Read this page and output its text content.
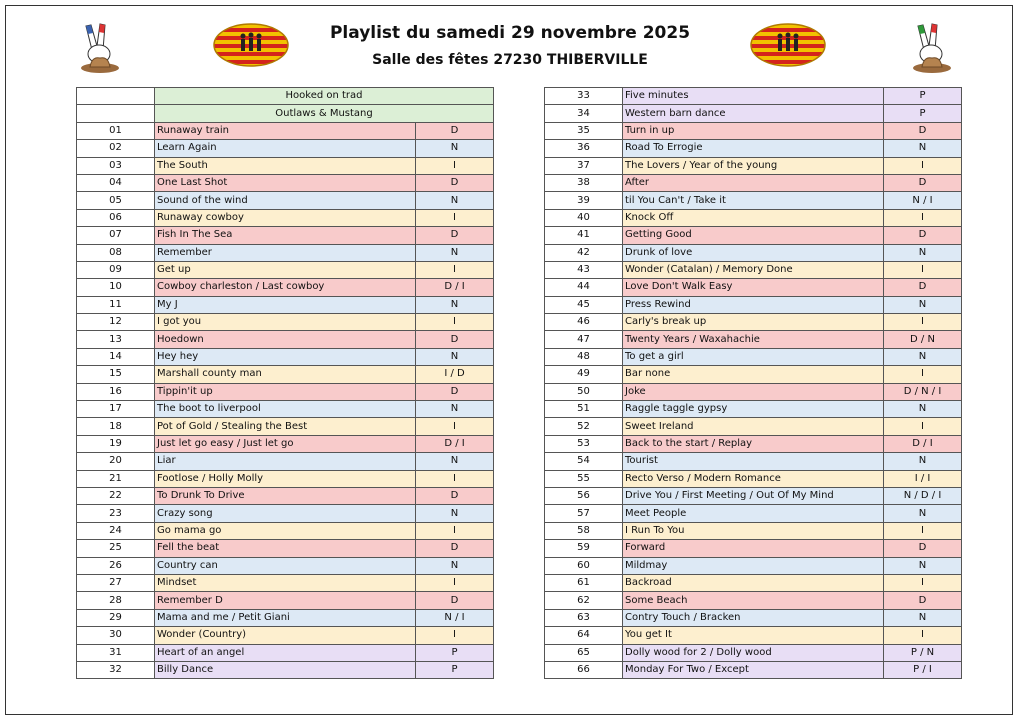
Playlist du samedi 29 novembre 2025
Salle des fêtes 27230 THIBERVILLE
	Hooked on trad	
	Outlaws & Mustang	
01	Runaway train	D
02	Learn Again	N
03	The South	I
04	One Last Shot	D
05	Sound of the wind	N
06	Runaway cowboy	I
07	Fish In The Sea	D
08	Remember	N
09	Get up	I
10	Cowboy charleston / Last cowboy	D / I
11	My J	N
12	I got you	I
13	Hoedown	D
14	Hey hey	N
15	Marshall county man	I / D
16	Tippin'it up	D
17	The boot to liverpool	N
18	Pot of Gold / Stealing the Best	I
19	Just let go easy / Just let go	D / I
20	Liar	N
21	Footlose / Holly Molly	I
22	To Drunk To Drive	D
23	Crazy song	N
24	Go mama go	I
25	Fell the beat	D
26	Country can	N
27	Mindset	I
28	Remember D	D
29	Mama and me / Petit Giani	N / I
30	Wonder (Country)	I
31	Heart of an angel	P
32	Billy Dance	P
33	Five minutes	P
34	Western barn dance	P
35	Turn in up	D
36	Road To Errogie	N
37	The Lovers / Year of the young	I
38	After	D
39	til You Can't / Take it	N / I
40	Knock Off	I
41	Getting Good	D
42	Drunk of love	N
43	Wonder (Catalan) / Memory Done	I
44	Love Don't Walk Easy	D
45	Press Rewind	N
46	Carly's break up	I
47	Twenty Years / Waxahachie	D / N
48	To get a girl	N
49	Bar none	I
50	Joke	D / N / I
51	Raggle taggle gypsy	N
52	Sweet Ireland	I
53	Back to the start / Replay	D / I
54	Tourist	N
55	Recto Verso / Modern Romance	I / I
56	Drive You / First Meeting / Out Of My Mind	N / D / I
57	Meet People	N
58	I Run To You	I
59	Forward	D
60	Mildmay	N
61	Backroad	I
62	Some Beach	D
63	Contry Touch / Bracken	N
64	You get It	I
65	Dolly wood for 2 / Dolly wood	P / N
66	Monday For Two / Except	P / I
